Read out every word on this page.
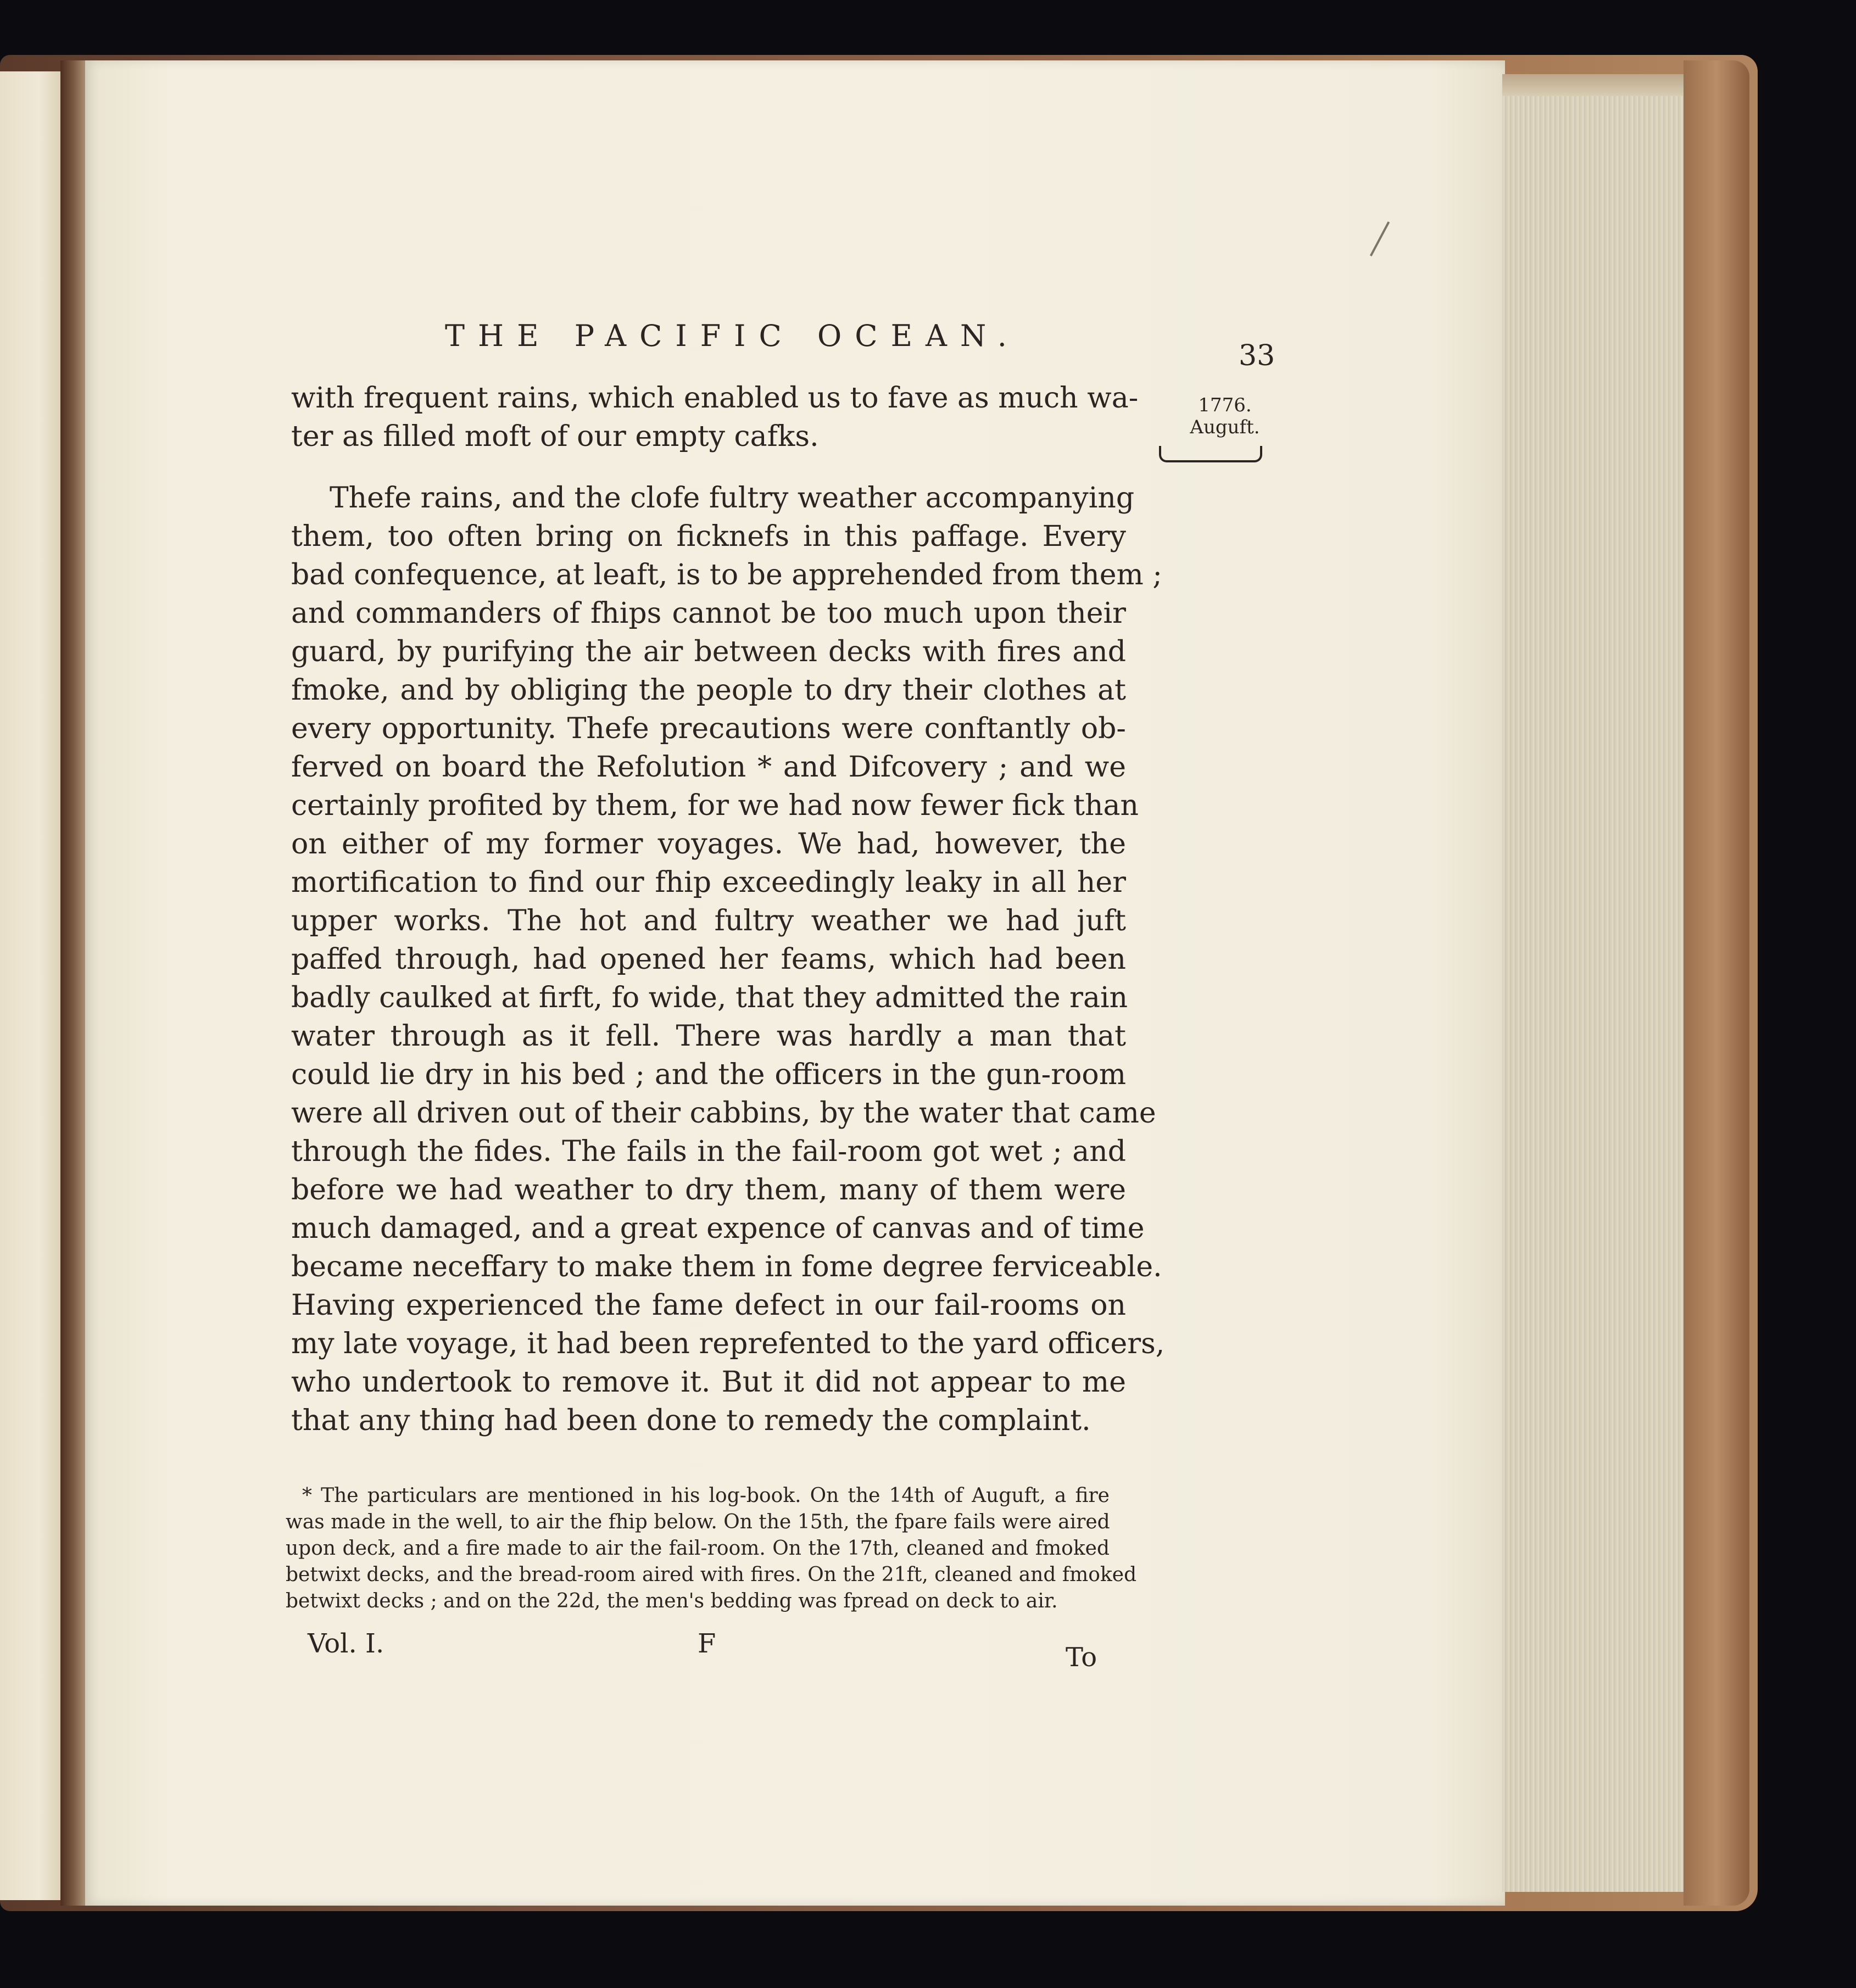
THE PACIFIC OCEAN.
33
1776.
Auguft.
with frequent rains, which enabled us to fave as much wa-
ter as filled moft of our empty cafks.
Thefe rains, and the clofe fultry weather accompanying
them, too often bring on ficknefs in this paffage. Every
bad confequence, at leaft, is to be apprehended from them ;
and commanders of fhips cannot be too much upon their
guard, by purifying the air between decks with fires and
fmoke, and by obliging the people to dry their clothes at
every opportunity. Thefe precautions were conftantly ob-
ferved on board the Refolution * and Difcovery ; and we
certainly profited by them, for we had now fewer fick than
on either of my former voyages. We had, however, the
mortification to find our fhip exceedingly leaky in all her
upper works. The hot and fultry weather we had juft
paffed through, had opened her feams, which had been
badly caulked at firft, fo wide, that they admitted the rain
water through as it fell. There was hardly a man that
could lie dry in his bed ; and the officers in the gun-room
were all driven out of their cabbins, by the water that came
through the fides. The fails in the fail-room got wet ; and
before we had weather to dry them, many of them were
much damaged, and a great expence of canvas and of time
became neceffary to make them in fome degree ferviceable.
Having experienced the fame defect in our fail-rooms on
my late voyage, it had been reprefented to the yard officers,
who undertook to remove it. But it did not appear to me
that any thing had been done to remedy the complaint.
* The particulars are mentioned in his log-book. On the 14th of Auguft, a fire
was made in the well, to air the fhip below. On the 15th, the fpare fails were aired
upon deck, and a fire made to air the fail-room. On the 17th, cleaned and fmoked
betwixt decks, and the bread-room aired with fires. On the 21ft, cleaned and fmoked
betwixt decks ; and on the 22d, the men's bedding was fpread on deck to air.
Vol. I.	F	To
